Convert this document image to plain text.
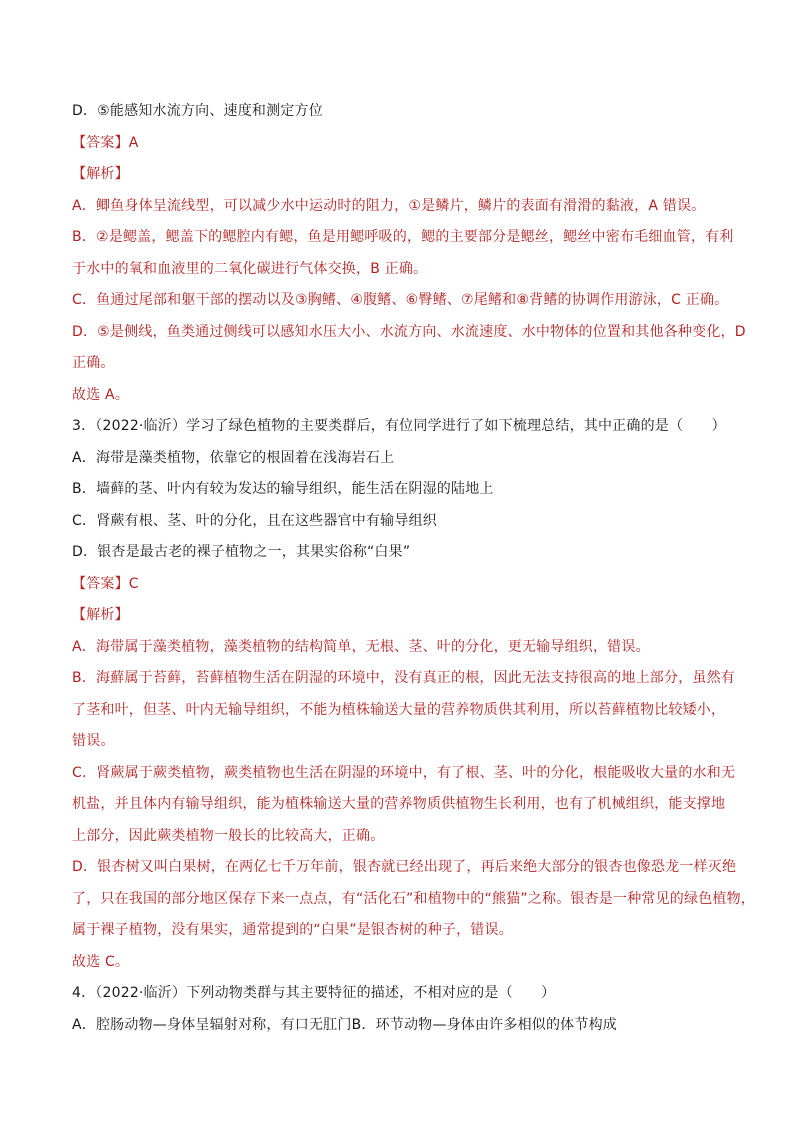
D．⑤能感知水流方向、速度和测定方位
【答案】A
【解析】
A．鲫鱼身体呈流线型，可以减少水中运动时的阻力，①是鳞片，鳞片的表面有滑滑的黏液，A 错误。
B．②是鳃盖，鳃盖下的鳃腔内有鳃，鱼是用鳃呼吸的，鳃的主要部分是鳃丝，鳃丝中密布毛细血管，有利
于水中的氧和血液里的二氧化碳进行气体交换，B 正确。
C．鱼通过尾部和躯干部的摆动以及③胸鳍、④腹鳍、⑥臀鳍、⑦尾鳍和⑧背鳍的协调作用游泳，C 正确。
D．⑤是侧线，鱼类通过侧线可以感知水压大小、水流方向、水流速度、水中物体的位置和其他各种变化，D
正确。
故选 A。
3．（2022·临沂）学习了绿色植物的主要类群后，有位同学进行了如下梳理总结，其中正确的是（　　）
A．海带是藻类植物，依靠它的根固着在浅海岩石上
B．墙藓的茎、叶内有较为发达的输导组织，能生活在阴湿的陆地上
C．肾蕨有根、茎、叶的分化，且在这些器官中有输导组织
D．银杏是最古老的裸子植物之一，其果实俗称“白果”
【答案】C
【解析】
A．海带属于藻类植物，藻类植物的结构简单，无根、茎、叶的分化，更无输导组织，错误。
B．海蘚属于苔藓，苔藓植物生活在阴湿的环境中，没有真正的根，因此无法支持很高的地上部分，虽然有
了茎和叶，但茎、叶内无输导组织，不能为植株输送大量的营养物质供其利用，所以苔藓植物比较矮小，
错误。
C．肾蕨属于蕨类植物，蕨类植物也生活在阴湿的环境中，有了根、茎、叶的分化，根能吸收大量的水和无
机盐，并且体内有输导组织，能为植株输送大量的营养物质供植物生长利用，也有了机械组织，能支撑地
上部分，因此蕨类植物一般长的比较高大，正确。
D．银杏树又叫白果树，在两亿七千万年前，银杏就已经出现了，再后来绝大部分的银杏也像恐龙一样灭绝
了，只在我国的部分地区保存下来一点点，有“活化石”和植物中的“熊猫”之称。银杏是一种常见的绿色植物，
属于裸子植物，没有果实，通常提到的“白果”是银杏树的种子，错误。
故选 C。
4．（2022·临沂）下列动物类群与其主要特征的描述，不相对应的是（　　）
A．腔肠动物—身体呈辐射对称，有口无肛门B．环节动物—身体由许多相似的体节构成
